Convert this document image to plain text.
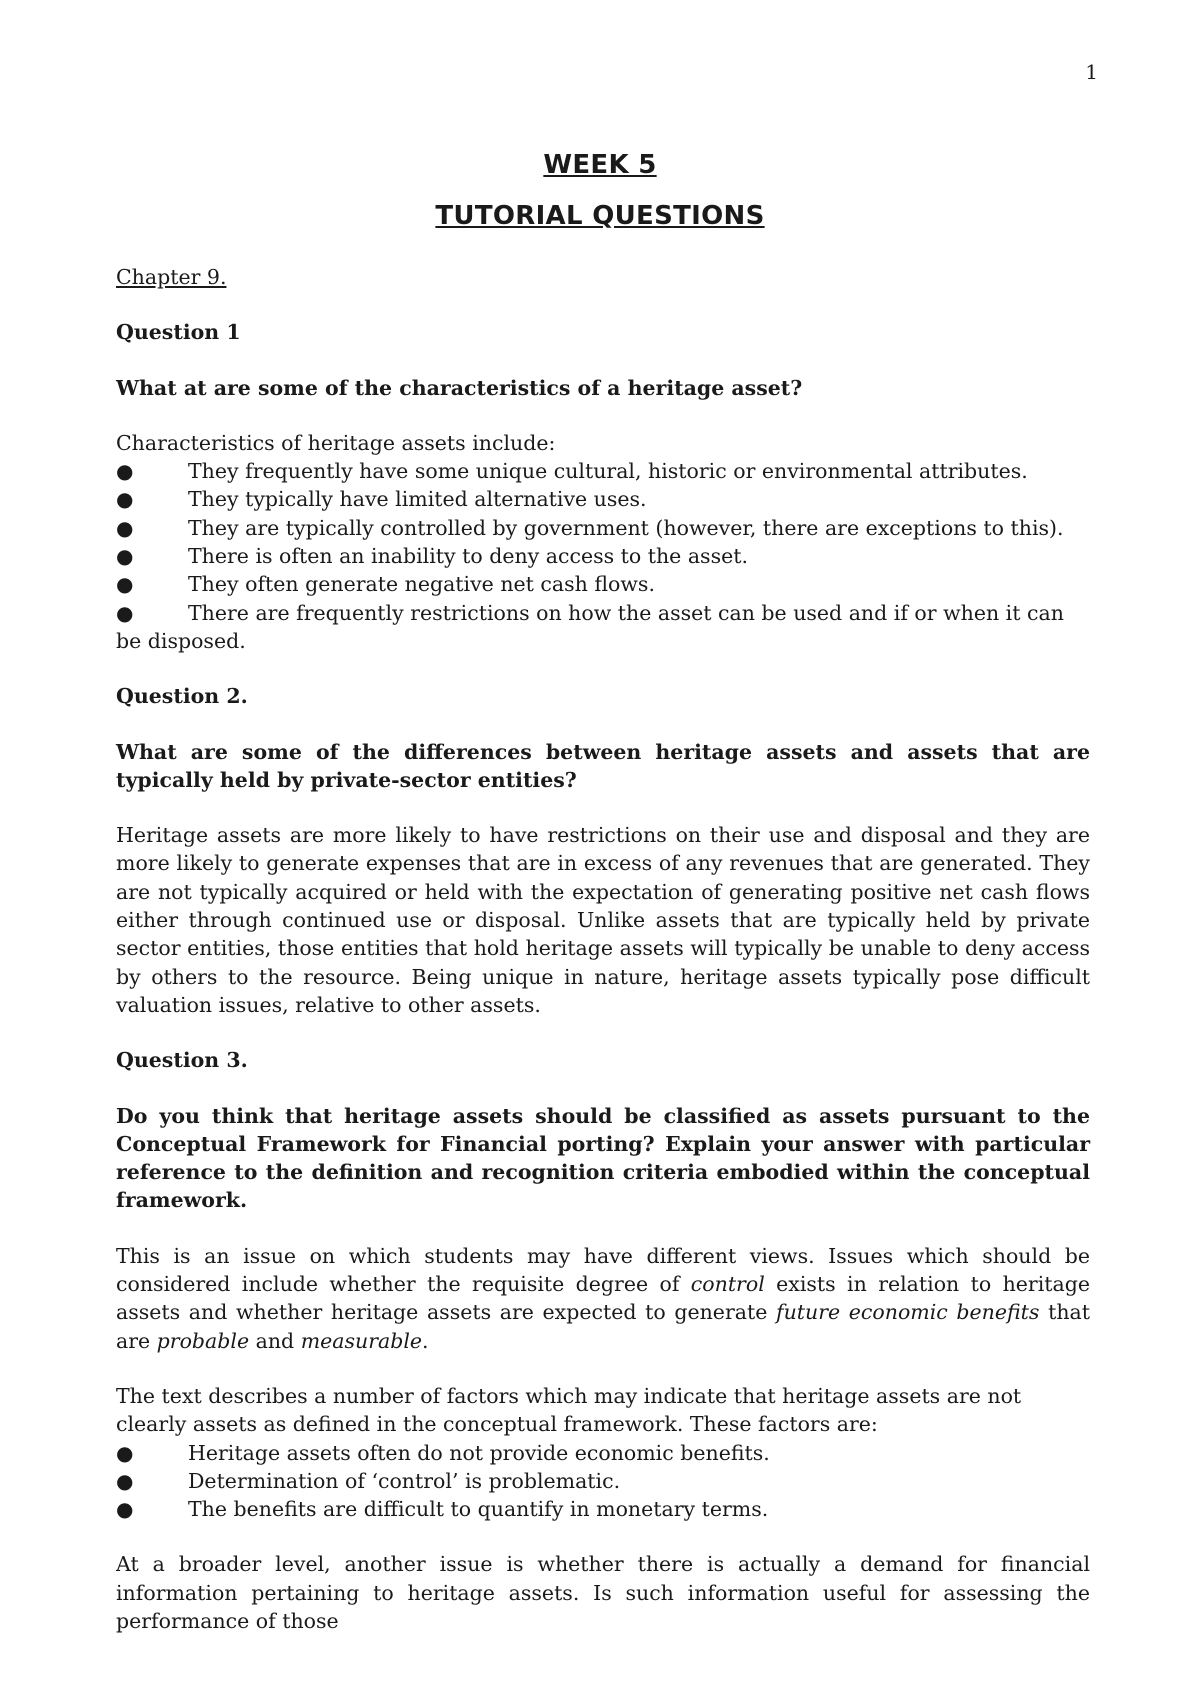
1
WEEK 5
TUTORIAL QUESTIONS

Chapter 9.

Question 1

What at are some of the characteristics of a heritage asset?

Characteristics of heritage assets include:

●	They frequently have some unique cultural, historic or environmental attributes.
●	They typically have limited alternative uses.
●	They are typically controlled by government (however, there are exceptions to this).
●	There is often an inability to deny access to the asset.
●	They often generate negative net cash flows.
●	There are frequently restrictions on how the asset can be used and if or when it can be disposed.

Question 2.

What are some of the differences between heritage assets and assets that are typically held by private-sector entities?

Heritage assets are more likely to have restrictions on their use and disposal and they are more likely to generate expenses that are in excess of any revenues that are generated. They are not typically acquired or held with the expectation of generating positive net cash flows either through continued use or disposal. Unlike assets that are typically held by private sector entities, those entities that hold heritage assets will typically be unable to deny access by others to the resource. Being unique in nature, heritage assets typically pose difficult valuation issues, relative to other assets.

Question 3.

Do you think that heritage assets should be classified as assets pursuant to the Conceptual Framework for Financial porting? Explain your answer with particular reference to the definition and recognition criteria embodied within the conceptual framework.

This is an issue on which students may have different views. Issues which should be considered include whether the requisite degree of control exists in relation to heritage assets and whether heritage assets are expected to generate future economic benefits that are probable and measurable.

The text describes a number of factors which may indicate that heritage assets are not clearly assets as defined in the conceptual framework. These factors are:

●	Heritage assets often do not provide economic benefits.
●	Determination of ‘control’ is problematic.
●	The benefits are difficult to quantify in monetary terms.

At a broader level, another issue is whether there is actually a demand for financial information pertaining to heritage assets. Is such information useful for assessing the performance of those
